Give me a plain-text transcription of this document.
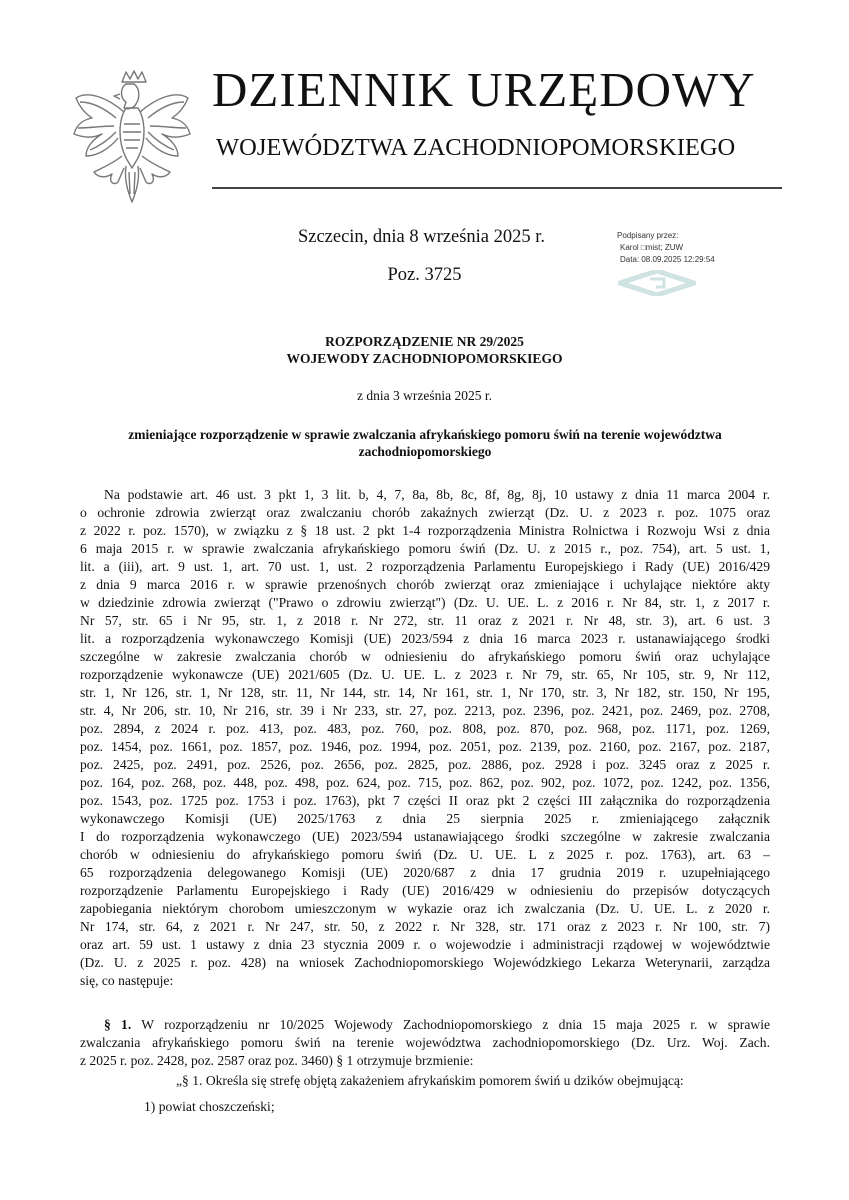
DZIENNIK URZĘDOWY
WOJEWÓDZTWA ZACHODNIOPOMORSKIEGO
Szczecin, dnia 8 września 2025 r.
Poz. 3725
Podpisany przez:
Karol □mist; ZUW
Data: 08.09.2025 12:29:54
ROZPORZĄDZENIE NR 29/2025
WOJEWODY ZACHODNIOPOMORSKIEGO
z dnia 3 września 2025 r.
zmieniające rozporządzenie w sprawie zwalczania afrykańskiego pomoru świń na terenie województwa
zachodniopomorskiego
Na podstawie art. 46 ust. 3 pkt 1, 3 lit. b, 4, 7, 8a, 8b, 8c, 8f, 8g, 8j, 10 ustawy z dnia 11 marca 2004 r.
o ochronie zdrowia zwierząt oraz zwalczaniu chorób zakaźnych zwierząt (Dz. U. z 2023 r. poz. 1075 oraz
z 2022 r. poz. 1570), w związku z § 18 ust. 2 pkt 1-4 rozporządzenia Ministra Rolnictwa i Rozwoju Wsi z dnia
6 maja 2015 r. w sprawie zwalczania afrykańskiego pomoru świń (Dz. U. z 2015 r., poz. 754), art. 5 ust. 1,
lit. a (iii), art. 9 ust. 1, art. 70 ust. 1, ust. 2 rozporządzenia Parlamentu Europejskiego i Rady (UE) 2016/429
z dnia 9 marca 2016 r. w sprawie przenośnych chorób zwierząt oraz zmieniające i uchylające niektóre akty
w dziedzinie zdrowia zwierząt ("Prawo o zdrowiu zwierząt") (Dz. U. UE. L. z 2016 r. Nr 84, str. 1, z 2017 r.
Nr 57, str. 65 i Nr 95, str. 1, z 2018 r. Nr 272, str. 11 oraz z 2021 r. Nr 48, str. 3), art. 6 ust. 3
lit. a rozporządzenia wykonawczego Komisji (UE) 2023/594 z dnia 16 marca 2023 r. ustanawiającego środki
szczególne w zakresie zwalczania chorób w odniesieniu do afrykańskiego pomoru świń oraz uchylające
rozporządzenie wykonawcze (UE) 2021/605 (Dz. U. UE. L. z 2023 r. Nr 79, str. 65, Nr 105, str. 9, Nr 112,
str. 1, Nr 126, str. 1, Nr 128, str. 11, Nr 144, str. 14, Nr 161, str. 1, Nr 170, str. 3, Nr 182, str. 150, Nr 195,
str. 4, Nr 206, str. 10, Nr 216, str. 39 i Nr 233, str. 27, poz. 2213, poz. 2396, poz. 2421, poz. 2469, poz. 2708,
poz. 2894, z 2024 r. poz. 413, poz. 483, poz. 760, poz. 808, poz. 870, poz. 968, poz. 1171, poz. 1269,
poz. 1454, poz. 1661, poz. 1857, poz. 1946, poz. 1994, poz. 2051, poz. 2139, poz. 2160, poz. 2167, poz. 2187,
poz. 2425, poz. 2491, poz. 2526, poz. 2656, poz. 2825, poz. 2886, poz. 2928 i poz. 3245 oraz z 2025 r.
poz. 164, poz. 268, poz. 448, poz. 498, poz. 624, poz. 715, poz. 862, poz. 902, poz. 1072, poz. 1242, poz. 1356,
poz. 1543, poz. 1725 poz. 1753 i poz. 1763), pkt 7 części II oraz pkt 2 części III załącznika do rozporządzenia
wykonawczego Komisji (UE) 2025/1763 z dnia 25 sierpnia 2025 r. zmieniającego załącznik
I do rozporządzenia wykonawczego (UE) 2023/594 ustanawiającego środki szczególne w zakresie zwalczania
chorób w odniesieniu do afrykańskiego pomoru świń (Dz. U. UE. L z 2025 r. poz. 1763), art. 63 –
65 rozporządzenia delegowanego Komisji (UE) 2020/687 z dnia 17 grudnia 2019 r. uzupełniającego
rozporządzenie Parlamentu Europejskiego i Rady (UE) 2016/429 w odniesieniu do przepisów dotyczących
zapobiegania niektórym chorobom umieszczonym w wykazie oraz ich zwalczania (Dz. U. UE. L. z 2020 r.
Nr 174, str. 64, z 2021 r. Nr 247, str. 50, z 2022 r. Nr 328, str. 171 oraz z 2023 r. Nr 100, str. 7)
oraz art. 59 ust. 1 ustawy z dnia 23 stycznia 2009 r. o wojewodzie i administracji rządowej w województwie
(Dz. U. z 2025 r. poz. 428) na wniosek Zachodniopomorskiego Wojewódzkiego Lekarza Weterynarii, zarządza
się, co następuje:
§ 1. W rozporządzeniu nr 10/2025 Wojewody Zachodniopomorskiego z dnia 15 maja 2025 r. w sprawie
zwalczania afrykańskiego pomoru świń na terenie województwa zachodniopomorskiego (Dz. Urz. Woj. Zach.
z 2025 r. poz. 2428, poz. 2587 oraz poz. 3460) § 1 otrzymuje brzmienie:
„§ 1. Określa się strefę objętą zakażeniem afrykańskim pomorem świń u dzików obejmującą:
1) powiat choszczeński;
